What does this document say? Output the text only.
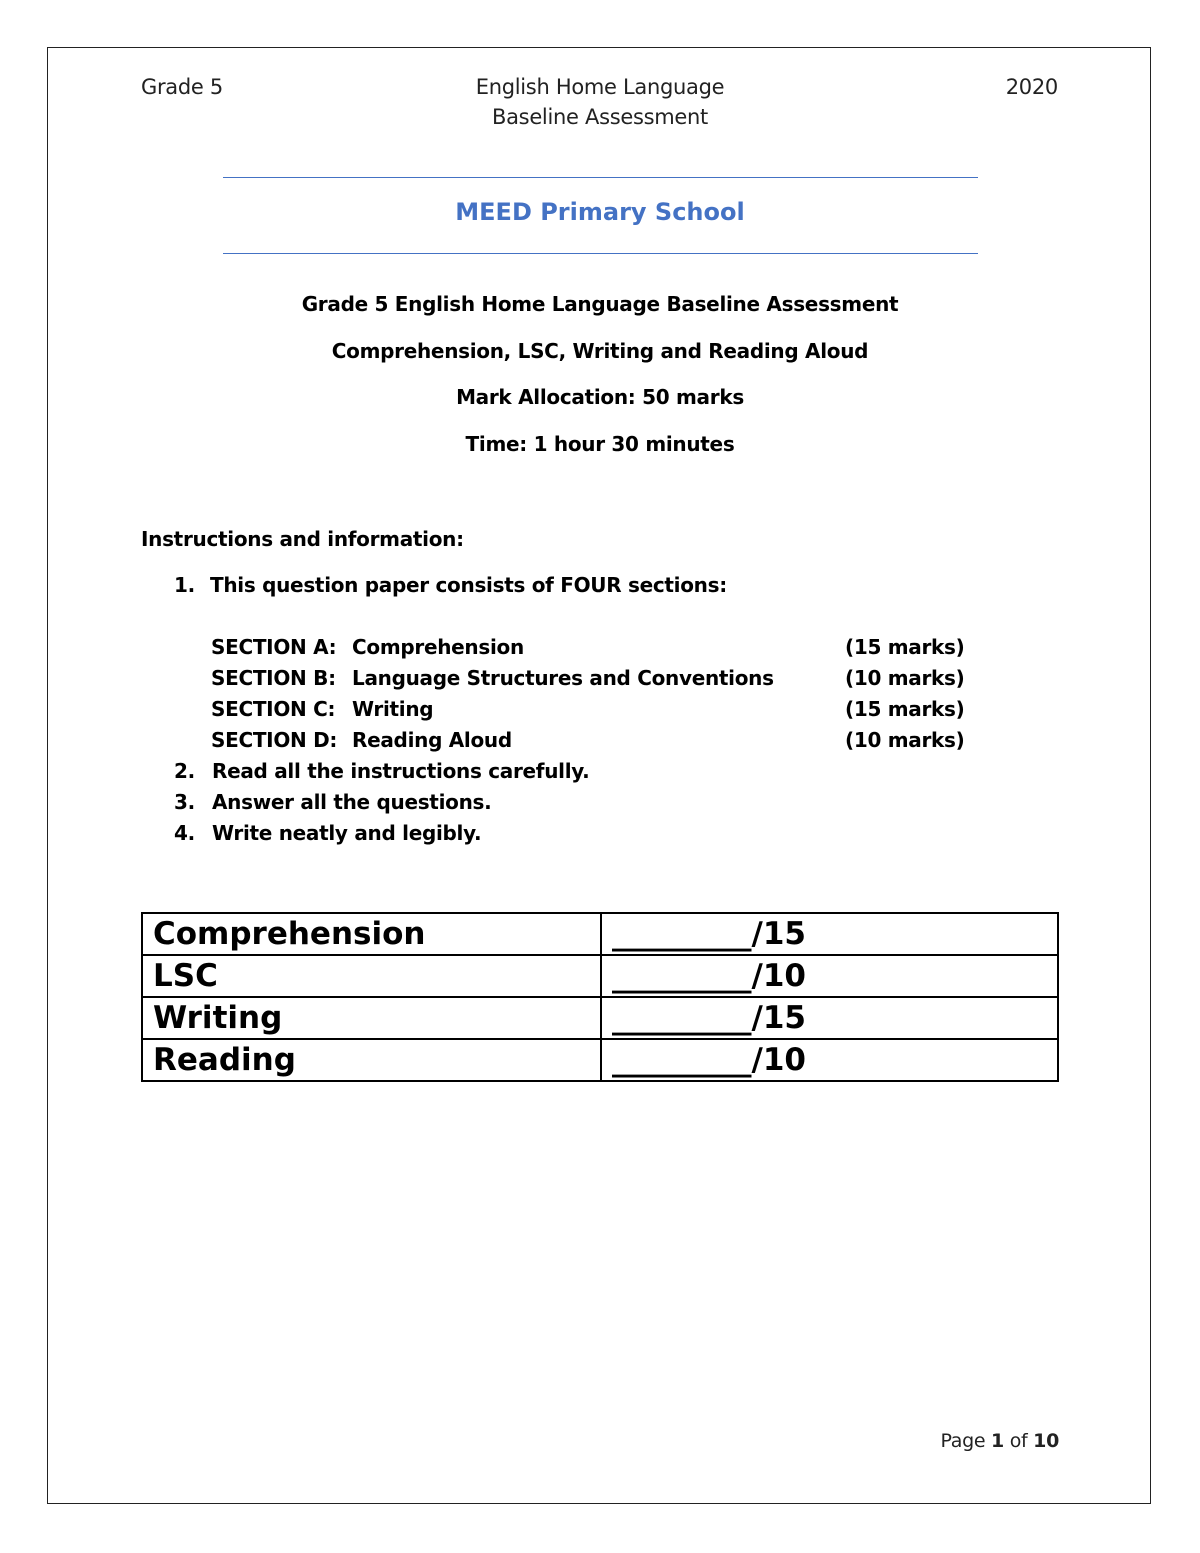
Grade 5	English Home Language
Baseline Assessment
2020
MEED Primary School
Grade 5 English Home Language Baseline Assessment
Comprehension, LSC, Writing and Reading Aloud
Mark Allocation: 50 marks
Time: 1 hour 30 minutes
Instructions and information:
1. This question paper consists of FOUR sections:
SECTION A: Comprehension	(15 marks)
SECTION B: Language Structures and Conventions	(10 marks)
SECTION C: Writing	(15 marks)
SECTION D: Reading Aloud	(10 marks)
2. Read all the instructions carefully.
3. Answer all the questions.
4. Write neatly and legibly.
Comprehension	_________/15
LSC	_________/10
Writing	_________/15
Reading	_________/10
Page 1 of 10
